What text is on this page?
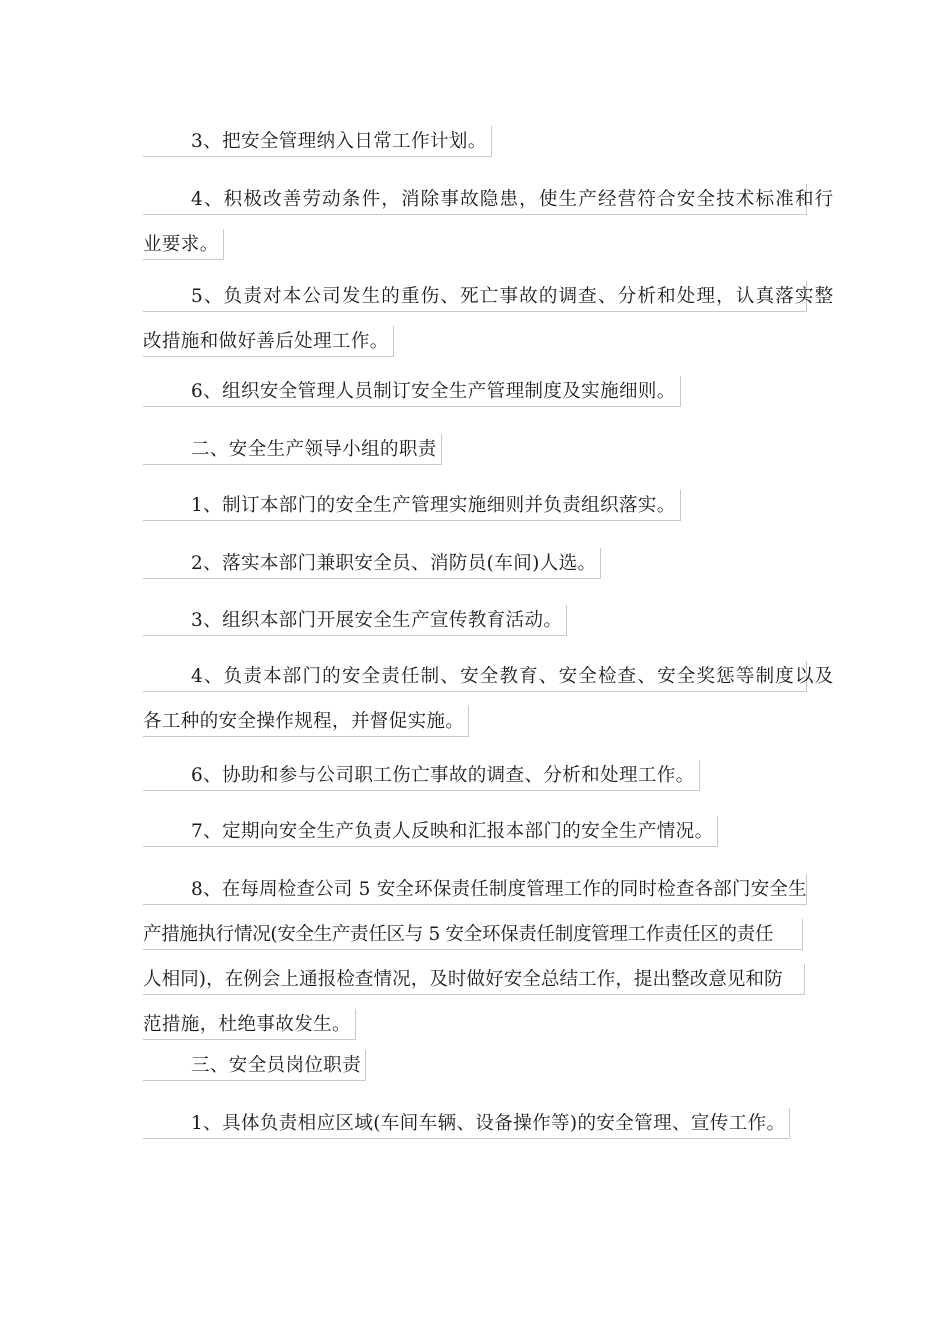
3、把安全管理纳入日常工作计划。
4、积极改善劳动条件，消除事故隐患，使生产经营符合安全技术标准和行
业要求。
5、负责对本公司发生的重伤、死亡事故的调查、分析和处理，认真落实整
改措施和做好善后处理工作。
6、组织安全管理人员制订安全生产管理制度及实施细则。
二、安全生产领导小组的职责
1、制订本部门的安全生产管理实施细则并负责组织落实。
2、落实本部门兼职安全员、消防员(车间)人选。
3、组织本部门开展安全生产宣传教育活动。
4、负责本部门的安全责任制、安全教育、安全检查、安全奖惩等制度以及
各工种的安全操作规程，并督促实施。
6、协助和参与公司职工伤亡事故的调查、分析和处理工作。
7、定期向安全生产负责人反映和汇报本部门的安全生产情况。
8、在每周检查公司 5 安全环保责任制度管理工作的同时检查各部门安全生
产措施执行情况(安全生产责任区与 5 安全环保责任制度管理工作责任区的责任
人相同)，在例会上通报检查情况，及时做好安全总结工作，提出整改意见和防
范措施，杜绝事故发生。
三、安全员岗位职责
1、具体负责相应区域(车间车辆、设备操作等)的安全管理、宣传工作。
